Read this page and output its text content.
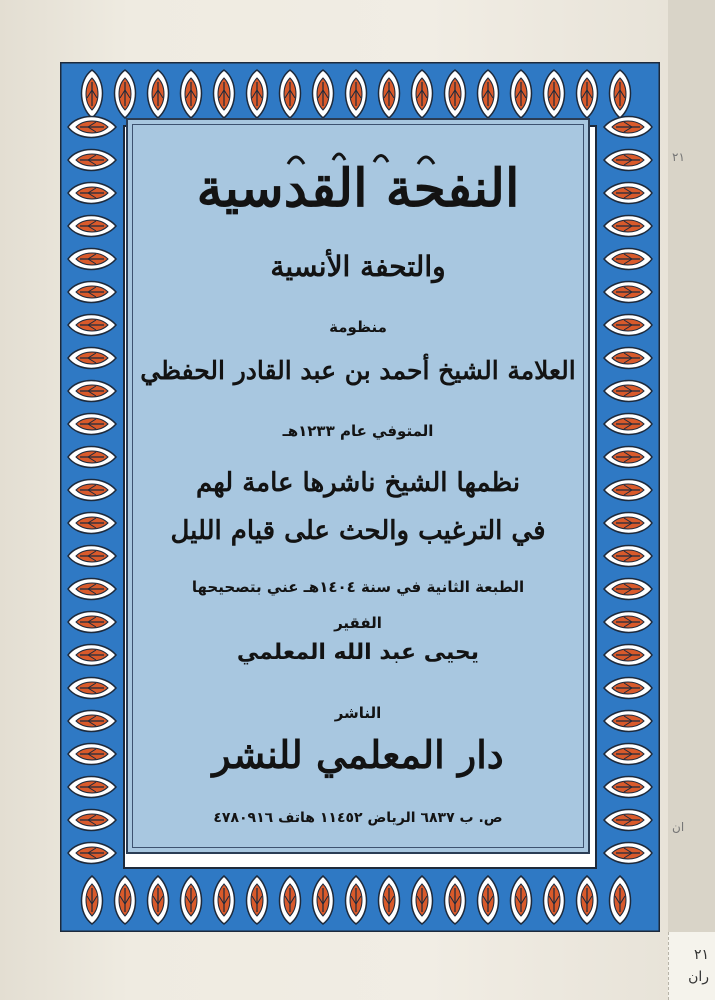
٢١
ان
٢١
ران
النفحة القدسية
والتحفة الأنسية
منظومة
العلامة الشيخ أحمد بن عبد القادر الحفظي
المتوفي عام ١٢٣٣هـ
نظمها الشيخ ناشرها عامة لهم
في الترغيب والحث على قيام الليل
الطبعة الثانية في سنة ١٤٠٤هـ عني بتصحيحها
الفقير
يحيى عبد الله المعلمي
الناشر
دار المعلمي للنشر
ص. ب ٦٨٣٧ الرياض ١١٤٥٢ هاتف ٤٧٨٠٩١٦
